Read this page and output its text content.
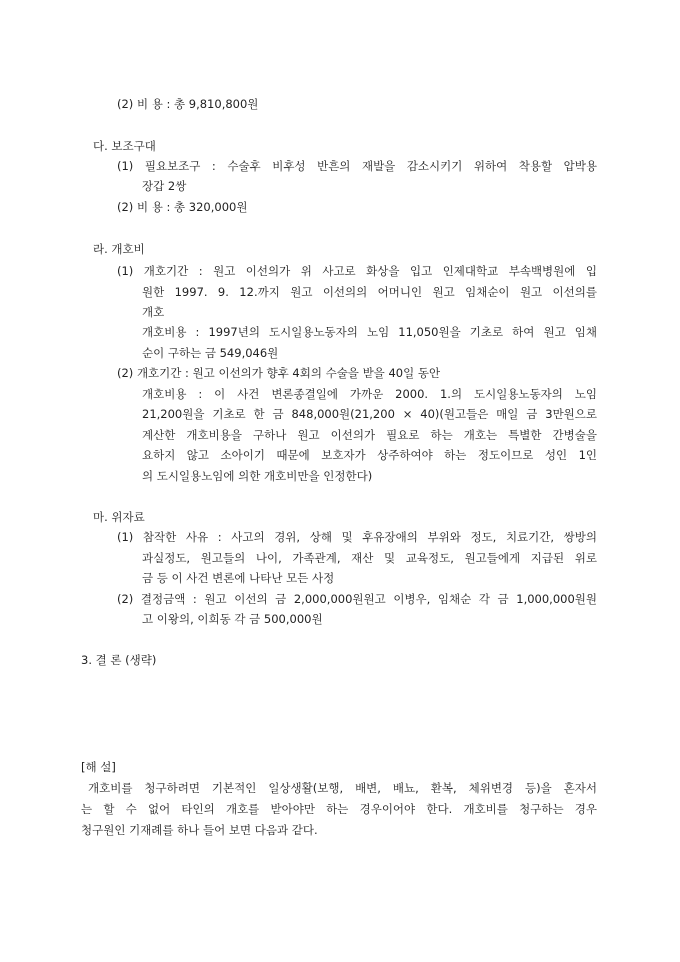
(2) 비 용 : 총 9,810,800원
다. 보조구대
(1) 필요보조구 : 수술후 비후성 반흔의 재발을 감소시키기 위하여 착용할 압박용
장갑 2쌍
(2) 비 용 : 총 320,000원
라. 개호비
(1) 개호기간 : 원고 이선의가 위 사고로 화상을 입고 인제대학교 부속백병원에 입
원한 1997. 9. 12.까지 원고 이선의의 어머니인 원고 임채순이 원고 이선의를
개호
개호비용 : 1997년의 도시일용노동자의 노임 11,050원을 기초로 하여 원고 임채
순이 구하는 금 549,046원
(2) 개호기간 : 원고 이선의가 향후 4회의 수술을 받을 40일 동안
개호비용 : 이 사건 변론종결일에 가까운 2000. 1.의 도시일용노동자의 노임
21,200원을 기초로 한 금 848,000원(21,200 × 40)(원고들은 매일 금 3만원으로
계산한 개호비용을 구하나 원고 이선의가 필요로 하는 개호는 특별한 간병술을
요하지 않고 소아이기 때문에 보호자가 상주하여야 하는 정도이므로 성인 1인
의 도시일용노임에 의한 개호비만을 인정한다)
마. 위자료
(1) 참작한 사유 : 사고의 경위, 상해 및 후유장애의 부위와 정도, 치료기간, 쌍방의
과실정도, 원고들의 나이, 가족관계, 재산 및 교육정도, 원고들에게 지급된 위로
금 등 이 사건 변론에 나타난 모든 사정
(2) 결정금액 : 원고 이선의 금 2,000,000원원고 이병우, 임채순 각 금 1,000,000원원
고 이왕의, 이희동 각 금 500,000원
3. 결 론 (생략)
[해 설]
개호비를 청구하려면 기본적인 일상생활(보행, 배변, 배뇨, 환복, 체위변경 등)을 혼자서
는 할 수 없어 타인의 개호를 받아야만 하는 경우이어야 한다. 개호비를 청구하는 경우
청구원인 기재례를 하나 들어 보면 다음과 같다.
